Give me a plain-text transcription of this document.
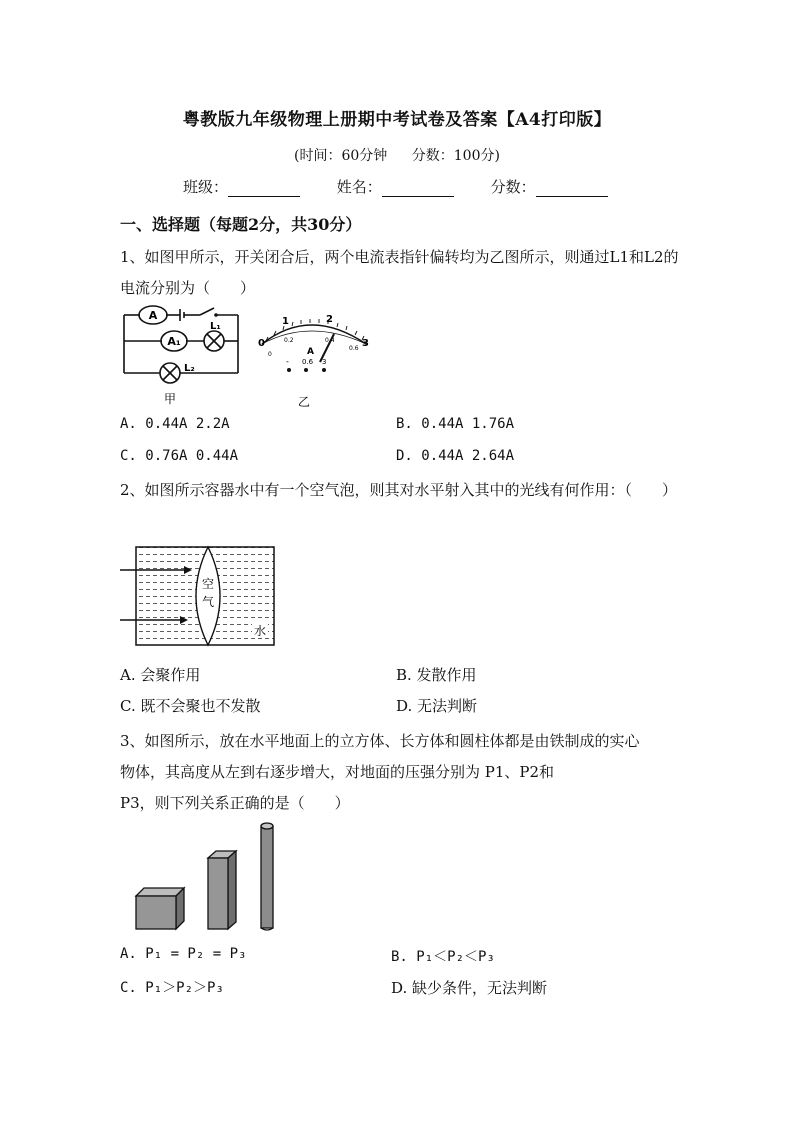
粤教版九年级物理上册期中考试卷及答案【A4打印版】
(时间：60分钟 分数：100分)
班级：	姓名：	分数：
一、选择题（每题2分，共30分）
1、如图甲所示，开关闭合后，两个电流表指针偏转均为乙图所示，则通过L1和L2的电流分别为（　　）
A
A₁
L₁
L₂
甲
0
1	2
3
0
0.2	0.4
0.6
A
- 0.6 3
乙
A. 0.44A 2.2A	B. 0.44A 1.76A
C. 0.76A 0.44A	D. 0.44A 2.64A
2、如图所示容器水中有一个空气泡，则其对水平射入其中的光线有何作用：（　　）
空
气
水
A. 会聚作用	B. 发散作用
C. 既不会聚也不发散	D. 无法判断
3、如图所示，放在水平地面上的立方体、长方体和圆柱体都是由铁制成的实心
物体，其高度从左到右逐步增大，对地面的压强分别为 P1、P2和
P3，则下列关系正确的是（　　）
A. P₁ = P₂ = P₃	B. P₁＜P₂＜P₃
C. P₁＞P₂＞P₃	D. 缺少条件，无法判断
